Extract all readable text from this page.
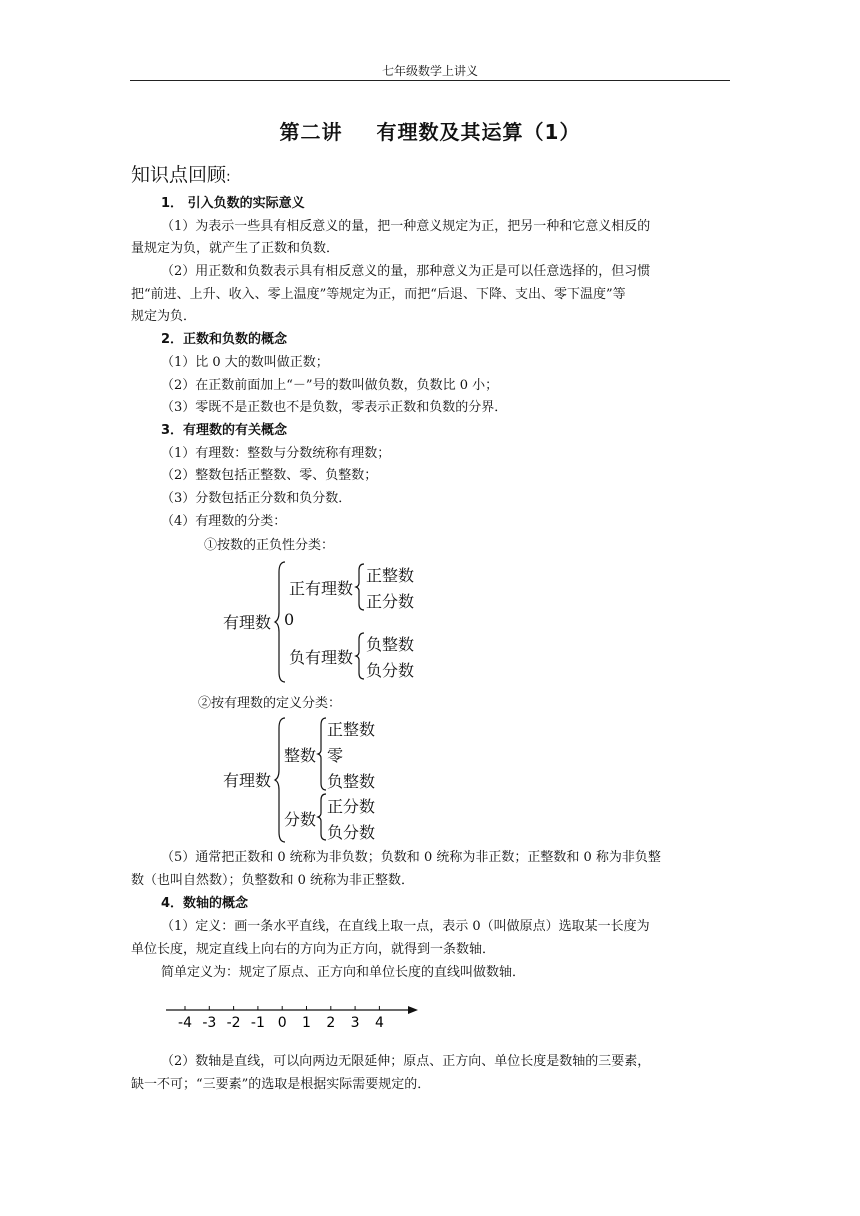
七年级数学上讲义
第二讲 有理数及其运算（1）
知识点回顾:
1． 引入负数的实际意义
（1）为表示一些具有相反意义的量，把一种意义规定为正，把另一种和它意义相反的
量规定为负，就产生了正数和负数．
（2）用正数和负数表示具有相反意义的量，那种意义为正是可以任意选择的，但习惯
把“前进、上升、收入、零上温度”等规定为正，而把“后退、下降、支出、零下温度”等
规定为负．
2．正数和负数的概念
（1）比 0 大的数叫做正数；
（2）在正数前面加上“－”号的数叫做负数，负数比 0 小；
（3）零既不是正数也不是负数，零表示正数和负数的分界．
3．有理数的有关概念
（1）有理数：整数与分数统称有理数；
（2）整数包括正整数、零、负整数；
（3）分数包括正分数和负分数．
（4）有理数的分类：
①按数的正负性分类：
有理数 0
正有理数
正整数
正分数
负有理数
负整数
负分数
②按有理数的定义分类：
有理数
整数
正整数
零
负整数
分数
正分数
负分数
（5）通常把正数和 0 统称为非负数；负数和 0 统称为非正数；正整数和 0 称为非负整
数（也叫自然数）；负整数和 0 统称为非正整数．
4．数轴的概念
（1）定义：画一条水平直线，在直线上取一点，表示 0（叫做原点）选取某一长度为
单位长度，规定直线上向右的方向为正方向，就得到一条数轴．
简单定义为：规定了原点、正方向和单位长度的直线叫做数轴．
-4 -3 -2 -1 0 1 2 3 4
（2）数轴是直线，可以向两边无限延伸；原点、正方向、单位长度是数轴的三要素，
缺一不可；“三要素”的选取是根据实际需要规定的．
